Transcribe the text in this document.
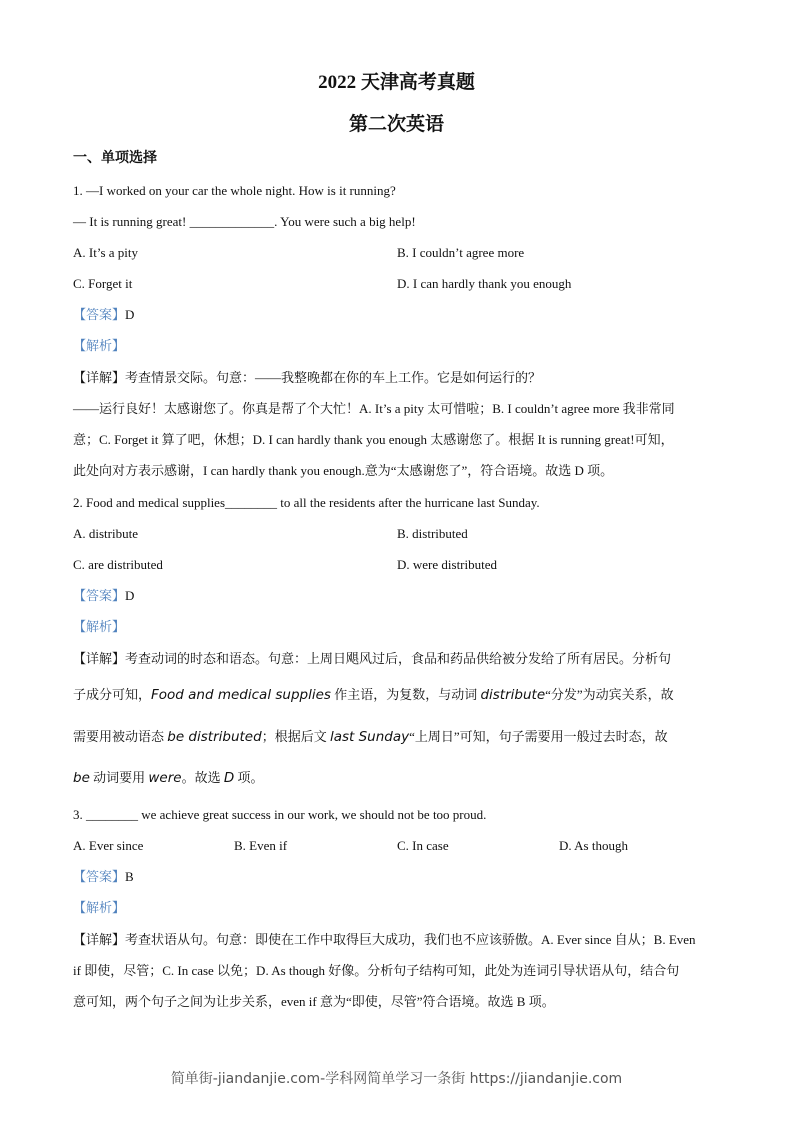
2022 天津高考真题
第二次英语
一、单项选择
1. —I worked on your car the whole night. How is it running?
— It is running great! _____________. You were such a big help!
A. It’s a pity	B. I couldn’t agree more
C. Forget it	D. I can hardly thank you enough
【答案】D
【解析】
【详解】考查情景交际。句意：——我整晚都在你的车上工作。它是如何运行的？
——运行良好！太感谢您了。你真是帮了个大忙！A. It’s a pity 太可惜啦；B. I couldn’t agree more 我非常同
意；C. Forget it 算了吧，休想；D. I can hardly thank you enough 太感谢您了。根据 It is running great!可知，
此处向对方表示感谢，I can hardly thank you enough.意为“太感谢您了”，符合语境。故选 D 项。
2. Food and medical supplies________ to all the residents after the hurricane last Sunday.
A. distribute	B. distributed
C. are distributed	D. were distributed
【答案】D
【解析】
【详解】考查动词的时态和语态。句意：上周日飓风过后，食品和药品供给被分发给了所有居民。分析句
子成分可知，Food and medical supplies 作主语，为复数，与动词 distribute“分发”为动宾关系，故
需要用被动语态 be distributed；根据后文 last Sunday“上周日”可知，句子需要用一般过去时态，故
be 动词要用 were。故选 D 项。
3. ________ we achieve great success in our work, we should not be too proud.
A. Ever since	B. Even if	C. In case	D. As though
【答案】B
【解析】
【详解】考查状语从句。句意：即使在工作中取得巨大成功，我们也不应该骄傲。A. Ever since 自从；B. Even
if 即使，尽管；C. In case 以免；D. As though 好像。分析句子结构可知，此处为连词引导状语从句，结合句
意可知，两个句子之间为让步关系，even if 意为“即使，尽管”符合语境。故选 B 项。
简单街-jiandanjie.com-学科网简单学习一条街 https://jiandanjie.com
